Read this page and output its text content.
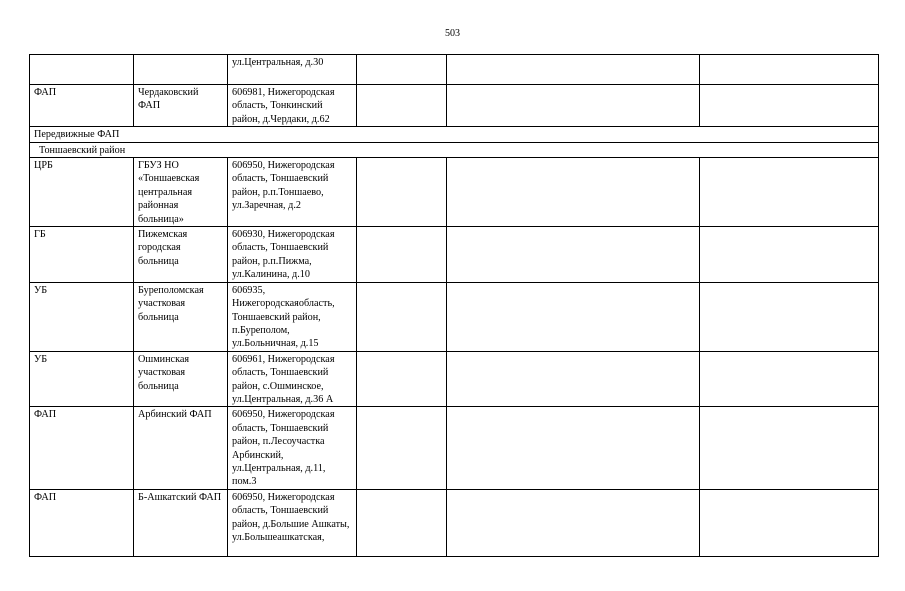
503
		ул.Центральная, д.30			
ФАП	Чердаковский ФАП	606981, Нижегородская область, Тонкинский район, д.Чердаки, д.62			
Передвижные ФАП					
Тоншаевский район					
ЦРБ	ГБУЗ НО «Тоншаевская центральная районная больница»	606950, Нижегородская область, Тоншаевский район, р.п.Тоншаево, ул.Заречная, д.2			
ГБ	Пижемская городская больница	606930, Нижегородская область, Тоншаевский район, р.п.Пижма, ул.Калинина, д.10			
УБ	Буреполомская участковая больница	606935, Нижегородскаяобласть, Тоншаевский район, п.Буреполом, ул.Больничная, д.15			
УБ	Ошминская участковая больница	606961, Нижегородская область, Тоншаевский район, с.Ошминское, ул.Центральная, д.36 А			
ФАП	Арбинский ФАП	606950, Нижегородская область, Тоншаевский район, п.Лесоучастка Арбинский, ул.Центральная, д.11, пом.3			
ФАП	Б-Ашкатский ФАП	606950, Нижегородская область, Тоншаевский район, д.Большие Ашкаты, ул.Большеашкатская,			
